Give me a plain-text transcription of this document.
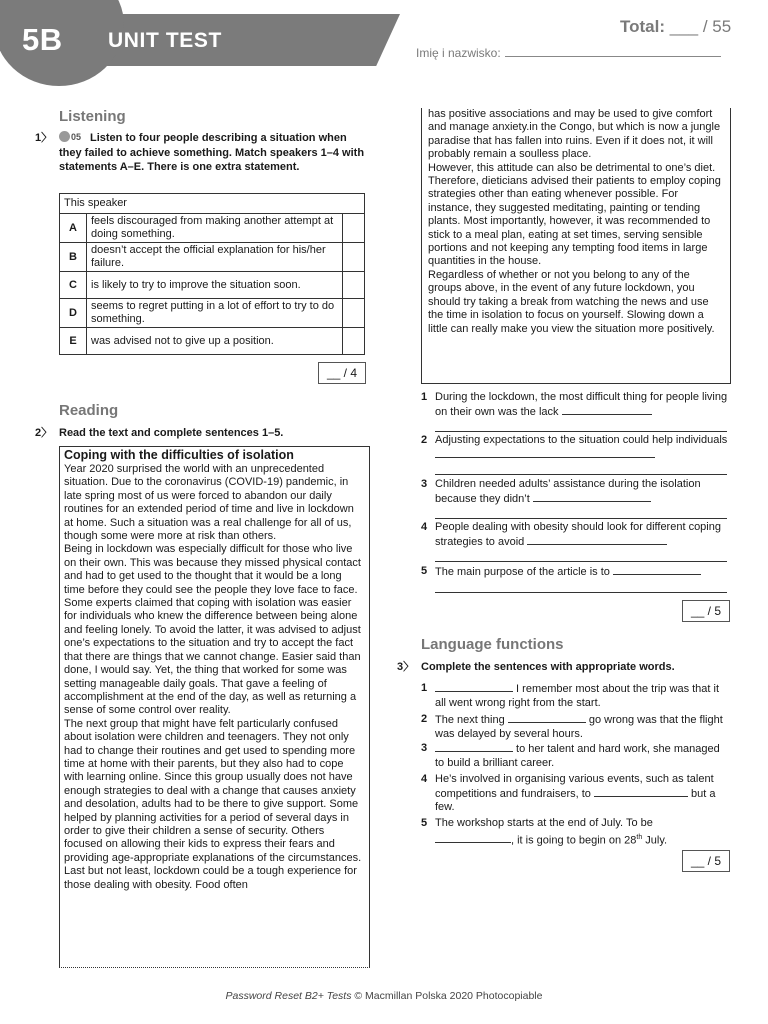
5B UNIT TEST
Total: ___ / 55
Imię i nazwisko:
Listening
1〉 05 Listen to four people describing a situation when they failed to achieve something. Match speakers 1–4 with statements A–E. There is one extra statement.
This speaker		
A	feels discouraged from making another attempt at doing something.	
B	doesn’t accept the official explanation for his/her failure.	
C	is likely to try to improve the situation soon.	
D	seems to regret putting in a lot of effort to try to do something.	
E	was advised not to give up a position.	
__ / 4
Reading
2〉 Read the text and complete sentences 1–5.
Coping with the difficulties of isolation

Year 2020 surprised the world with an unprecedented situation. Due to the coronavirus (COVID-19) pandemic, in late spring most of us were forced to abandon our daily routines for an extended period of time and live in lockdown at home. Such a situation was a real challenge for all of us, though some were more at risk than others.

Being in lockdown was especially difficult for those who live on their own. This was because they missed physical contact and had to get used to the thought that it would be a long time before they could see the people they love face to face. Some experts claimed that coping with isolation was easier for individuals who knew the difference between being alone and feeling lonely. To avoid the latter, it was advised to adjust one’s expectations to the situation and try to accept the fact that there are things that we cannot change. Easier said than done, I would say. Yet, the thing that worked for some was setting manageable daily goals. That gave a feeling of accomplishment at the end of the day, as well as returning a sense of some control over reality.

The next group that might have felt particularly confused about isolation were children and teenagers. They not only had to change their routines and get used to spending more time at home with their parents, but they also had to cope with learning online. Since this group usually does not have enough strategies to deal with a change that causes anxiety and desolation, adults had to be there to give support. Some helped by planning activities for a period of several days in order to give their children a sense of security. Others focused on allowing their kids to express their fears and providing age-appropriate explanations of the circumstances.

Last but not least, lockdown could be a tough experience for those dealing with obesity. Food often

has positive associations and may be used to give comfort and manage anxiety.in the Congo, but which is now a jungle paradise that has fallen into ruins. Even if it does not, it will probably remain a soulless place.

However, this attitude can also be detrimental to one’s diet. Therefore, dieticians advised their patients to employ coping strategies other than eating whenever possible. For instance, they suggested meditating, painting or tending plants. Most importantly, however, it was recommended to stick to a meal plan, eating at set times, serving sensible portions and not keeping any tempting food items in large quantities in the house.

Regardless of whether or not you belong to any of the groups above, in the event of any future lockdown, you should try taking a break from watching the news and use the time in isolation to focus on yourself. Slowing down a little can really make you view the situation more positively.

1 During the lockdown, the most difficult thing for people living on their own was the lack
2 Adjusting expectations to the situation could help individuals
3 Children needed adults’ assistance during the isolation because they didn’t
4 People dealing with obesity should look for different coping strategies to avoid
5 The main purpose of the article is to
__ / 5
Language functions
3〉 Complete the sentences with appropriate words.
1	I remember most about the trip was that it all went wrong right from the start.
2 The next thing	go wrong was that the flight was delayed by several hours.
3	to her talent and hard work, she managed to build a brilliant career.
4 He’s involved in organising various events, such as talent competitions and fundraisers, to	but a few.
5 The workshop starts at the end of July. To be , it is going to begin on 28th July.
__ / 5
Password Reset B2+ Tests © Macmillan Polska 2020 Photocopiable
